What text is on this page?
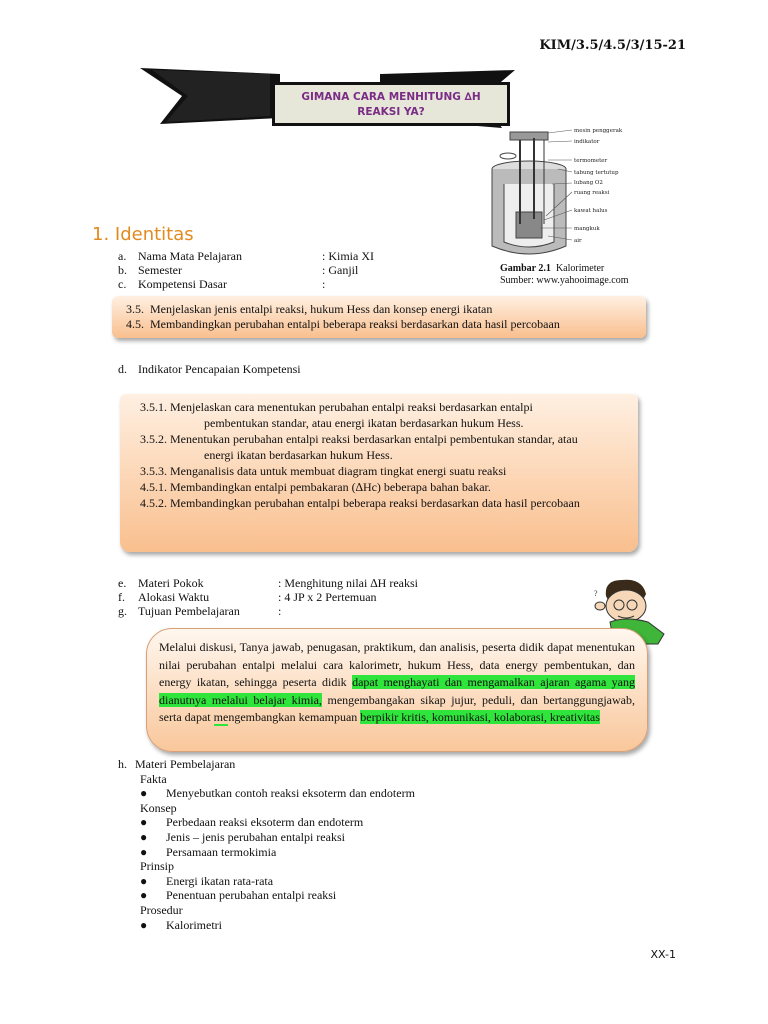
KIM/3.5/4.5/3/15-21
GIMANA CARA MENHITUNG ∆H
REAKSI YA?
mesin penggerak
indikator
termometer
tabung tertutup
lubang O2
ruang reaksi
kawat halus
mangkuk
air
Gambar 2.1 Kalorimeter
Sumber: www.yahooimage.com
1. Identitas
a. Nama Mata Pelajaran	: Kimia XI
b. Semester	: Ganjil
c. Kompetensi Dasar	:
3.5. Menjelaskan jenis entalpi reaksi, hukum Hess dan konsep energi ikatan
4.5. Membandingkan perubahan entalpi beberapa reaksi berdasarkan data hasil percobaan
d. Indikator Pencapaian Kompetensi
3.5.1. Menjelaskan cara menentukan perubahan entalpi reaksi berdasarkan entalpi
pembentukan standar, atau energi ikatan berdasarkan hukum Hess.
3.5.2. Menentukan perubahan entalpi reaksi berdasarkan entalpi pembentukan standar, atau
energi ikatan berdasarkan hukum Hess.
3.5.3. Menganalisis data untuk membuat diagram tingkat energi suatu reaksi
4.5.1. Membandingkan entalpi pembakaran (∆Hc) beberapa bahan bakar.
4.5.2. Membandingkan perubahan entalpi beberapa reaksi berdasarkan data hasil percobaan
e. Materi Pokok	: Menghitung nilai ∆H reaksi
f. Alokasi Waktu	: 4 JP x 2 Pertemuan
g. Tujuan Pembelajaran	:
?
Melalui diskusi, Tanya jawab, penugasan, praktikum, dan analisis, peserta didik dapat menentukan nilai perubahan entalpi melalui cara kalorimetr, hukum Hess, data energy pembentukan, dan energy ikatan, sehingga peserta didik dapat menghayati dan mengamalkan ajaran agama yang dianutnya melalui belajar kimia, mengembangakan sikap jujur, peduli, dan bertanggungjawab, serta dapat mengembangkan kemampuan berpikir kritis, komunikasi, kolaborasi, kreativitas
h. Materi Pembelajaran
Fakta
● Menyebutkan contoh reaksi eksoterm dan endoterm
Konsep
● Perbedaan reaksi eksoterm dan endoterm
● Jenis – jenis perubahan entalpi reaksi
● Persamaan termokimia
Prinsip
● Energi ikatan rata-rata
● Penentuan perubahan entalpi reaksi
Prosedur
● Kalorimetri
XX-1
